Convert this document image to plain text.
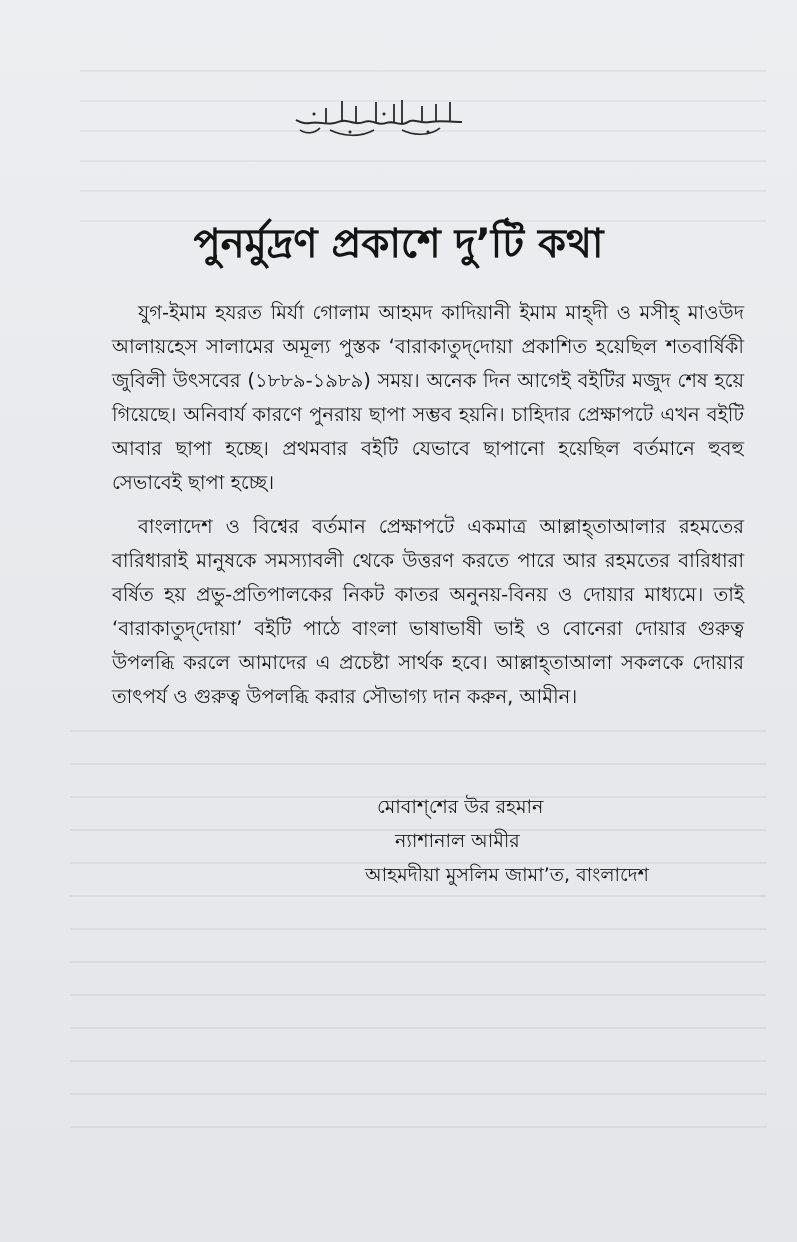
بسم الله الرحمن الرحيم
পুনর্মুদ্রণ প্রকাশে দু’টি কথা

যুগ-ইমাম হযরত মির্যা গোলাম আহমদ কাদিয়ানী ইমাম মাহ্‌দী ও মসীহ্‌ মাওউদ আলায়হেস সালামের অমূল্য পুস্তক ‘বারাকাতুদ্‌দোয়া প্রকাশিত হয়েছিল শতবার্ষিকী জুবিলী উৎসবের (১৮৮৯-১৯৮৯) সময়। অনেক দিন আগেই বইটির মজুদ শেষ হয়ে গিয়েছে। অনিবার্য কারণে পুনরায় ছাপা সম্ভব হয়নি। চাহিদার প্রেক্ষাপটে এখন বইটি আবার ছাপা হচ্ছে। প্রথমবার বইটি যেভাবে ছাপানো হয়েছিল বর্তমানে হুবহু সেভাবেই ছাপা হচ্ছে।

বাংলাদেশ ও বিশ্বের বর্তমান প্রেক্ষাপটে একমাত্র আল্লাহ্‌তাআলার রহমতের বারিধারাই মানুষকে সমস্যাবলী থেকে উত্তরণ করতে পারে আর রহমতের বারিধারা বর্ষিত হয় প্রভু-প্রতিপালকের নিকট কাতর অনুনয়-বিনয় ও দোয়ার মাধ্যমে। তাই ‘বারাকাতুদ্‌দোয়া’ বইটি পাঠে বাংলা ভাষাভাষী ভাই ও বোনেরা দোয়ার গুরুত্ব উপলব্ধি করলে আমাদের এ প্রচেষ্টা সার্থক হবে। আল্লাহ্‌তাআলা সকলকে দোয়ার তাৎপর্য ও গুরুত্ব উপলব্ধি করার সৌভাগ্য দান করুন, আমীন।

মোবাশ্‌শের উর রহমান
ন্যাশানাল আমীর
আহমদীয়া মুসলিম জামা’ত, বাংলাদেশ
